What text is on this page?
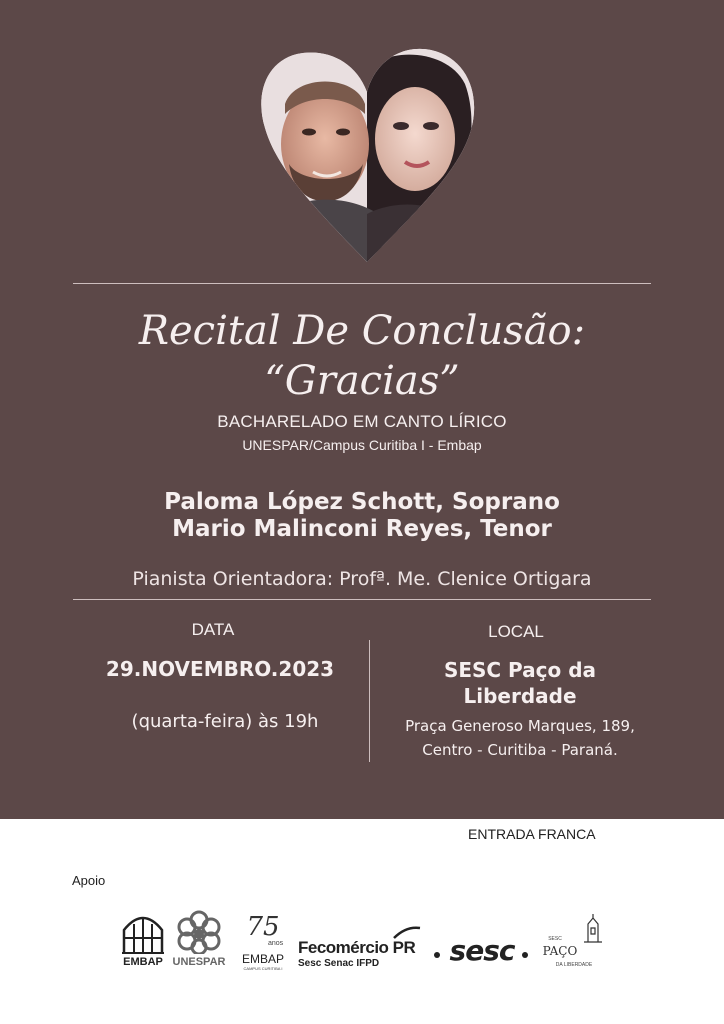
Recital De Conclusão:
“Gracias”
BACHARELADO EM CANTO LÍRICO
UNESPAR/Campus Curitiba I - Embap
Paloma López Schott, Soprano
Mario Malinconi Reyes, Tenor
Pianista Orientadora: Profª. Me. Clenice Ortigara
DATA	LOCAL
29.NOVEMBRO.2023
(quarta-feira) às 19h
SESC Paço da
Liberdade
Praça Generoso Marques, 189,
Centro - Curitiba - Paraná.
ENTRADA FRANCA
Apoio
EMBAP UNESPAR
75
anos
EMBAP
CAMPUS CURITIBA I
Fecomércio PR
Sesc Senac IFPD	sesc	SESC
PAÇO
DA LIBERDADE
